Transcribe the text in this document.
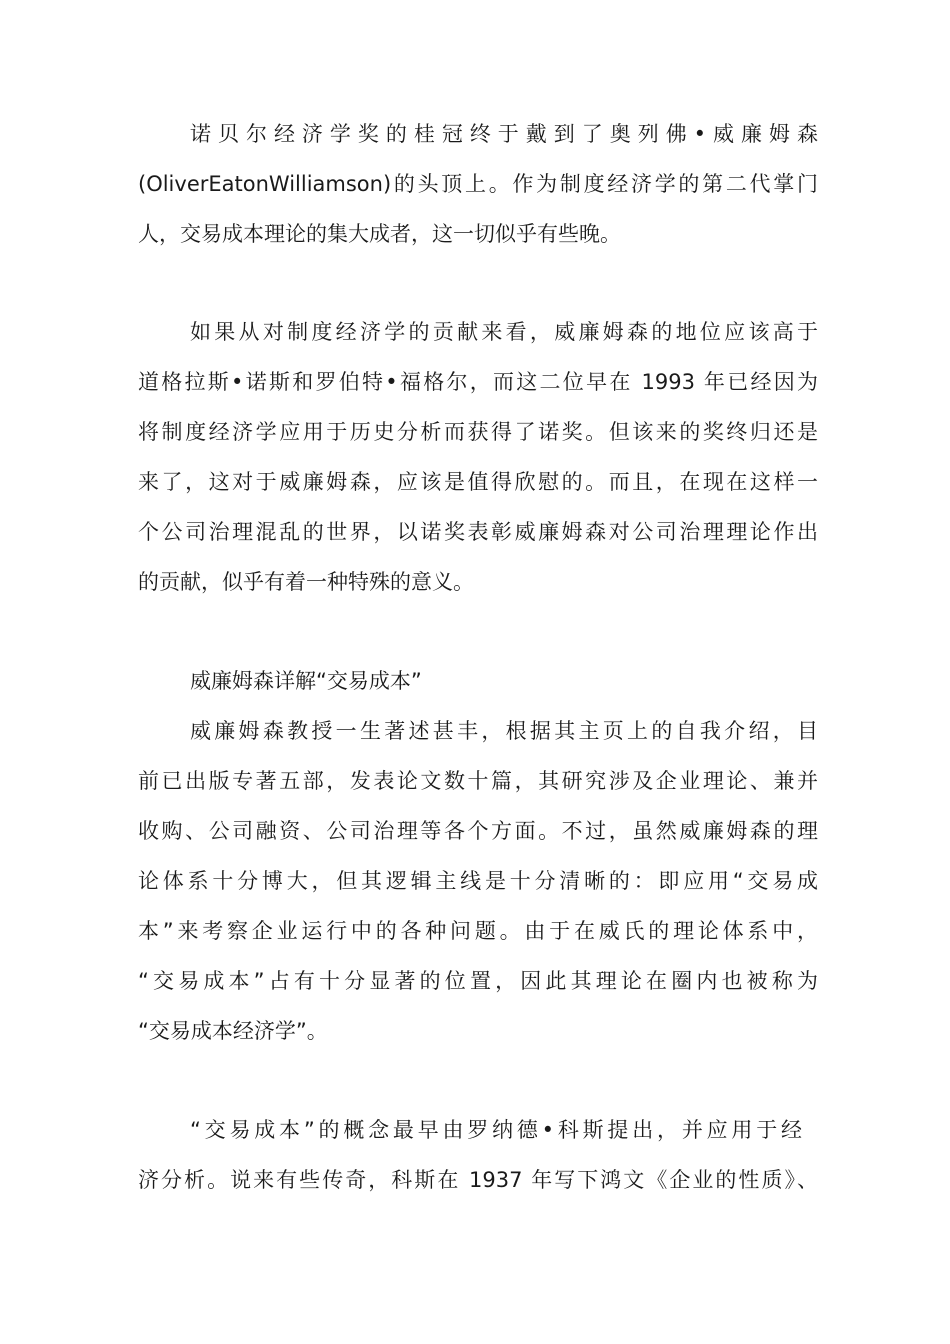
诺贝尔经济学奖的桂冠终于戴到了奥列佛•威廉姆森
(OliverEatonWilliamson)的头顶上。作为制度经济学的第二代掌门
人，交易成本理论的集大成者，这一切似乎有些晚。
如果从对制度经济学的贡献来看，威廉姆森的地位应该高于
道格拉斯•诺斯和罗伯特•福格尔，而这二位早在 1993 年已经因为
将制度经济学应用于历史分析而获得了诺奖。但该来的奖终归还是
来了，这对于威廉姆森，应该是值得欣慰的。而且，在现在这样一
个公司治理混乱的世界，以诺奖表彰威廉姆森对公司治理理论作出
的贡献，似乎有着一种特殊的意义。
威廉姆森详解“交易成本”
威廉姆森教授一生著述甚丰，根据其主页上的自我介绍，目
前已出版专著五部，发表论文数十篇，其研究涉及企业理论、兼并
收购、公司融资、公司治理等各个方面。不过，虽然威廉姆森的理
论体系十分博大，但其逻辑主线是十分清晰的：即应用“交易成
本”来考察企业运行中的各种问题。由于在威氏的理论体系中，
“交易成本”占有十分显著的位置，因此其理论在圈内也被称为
“交易成本经济学”。
“交易成本”的概念最早由罗纳德•科斯提出，并应用于经
济分析。说来有些传奇，科斯在 1937 年写下鸿文《企业的性质》、
